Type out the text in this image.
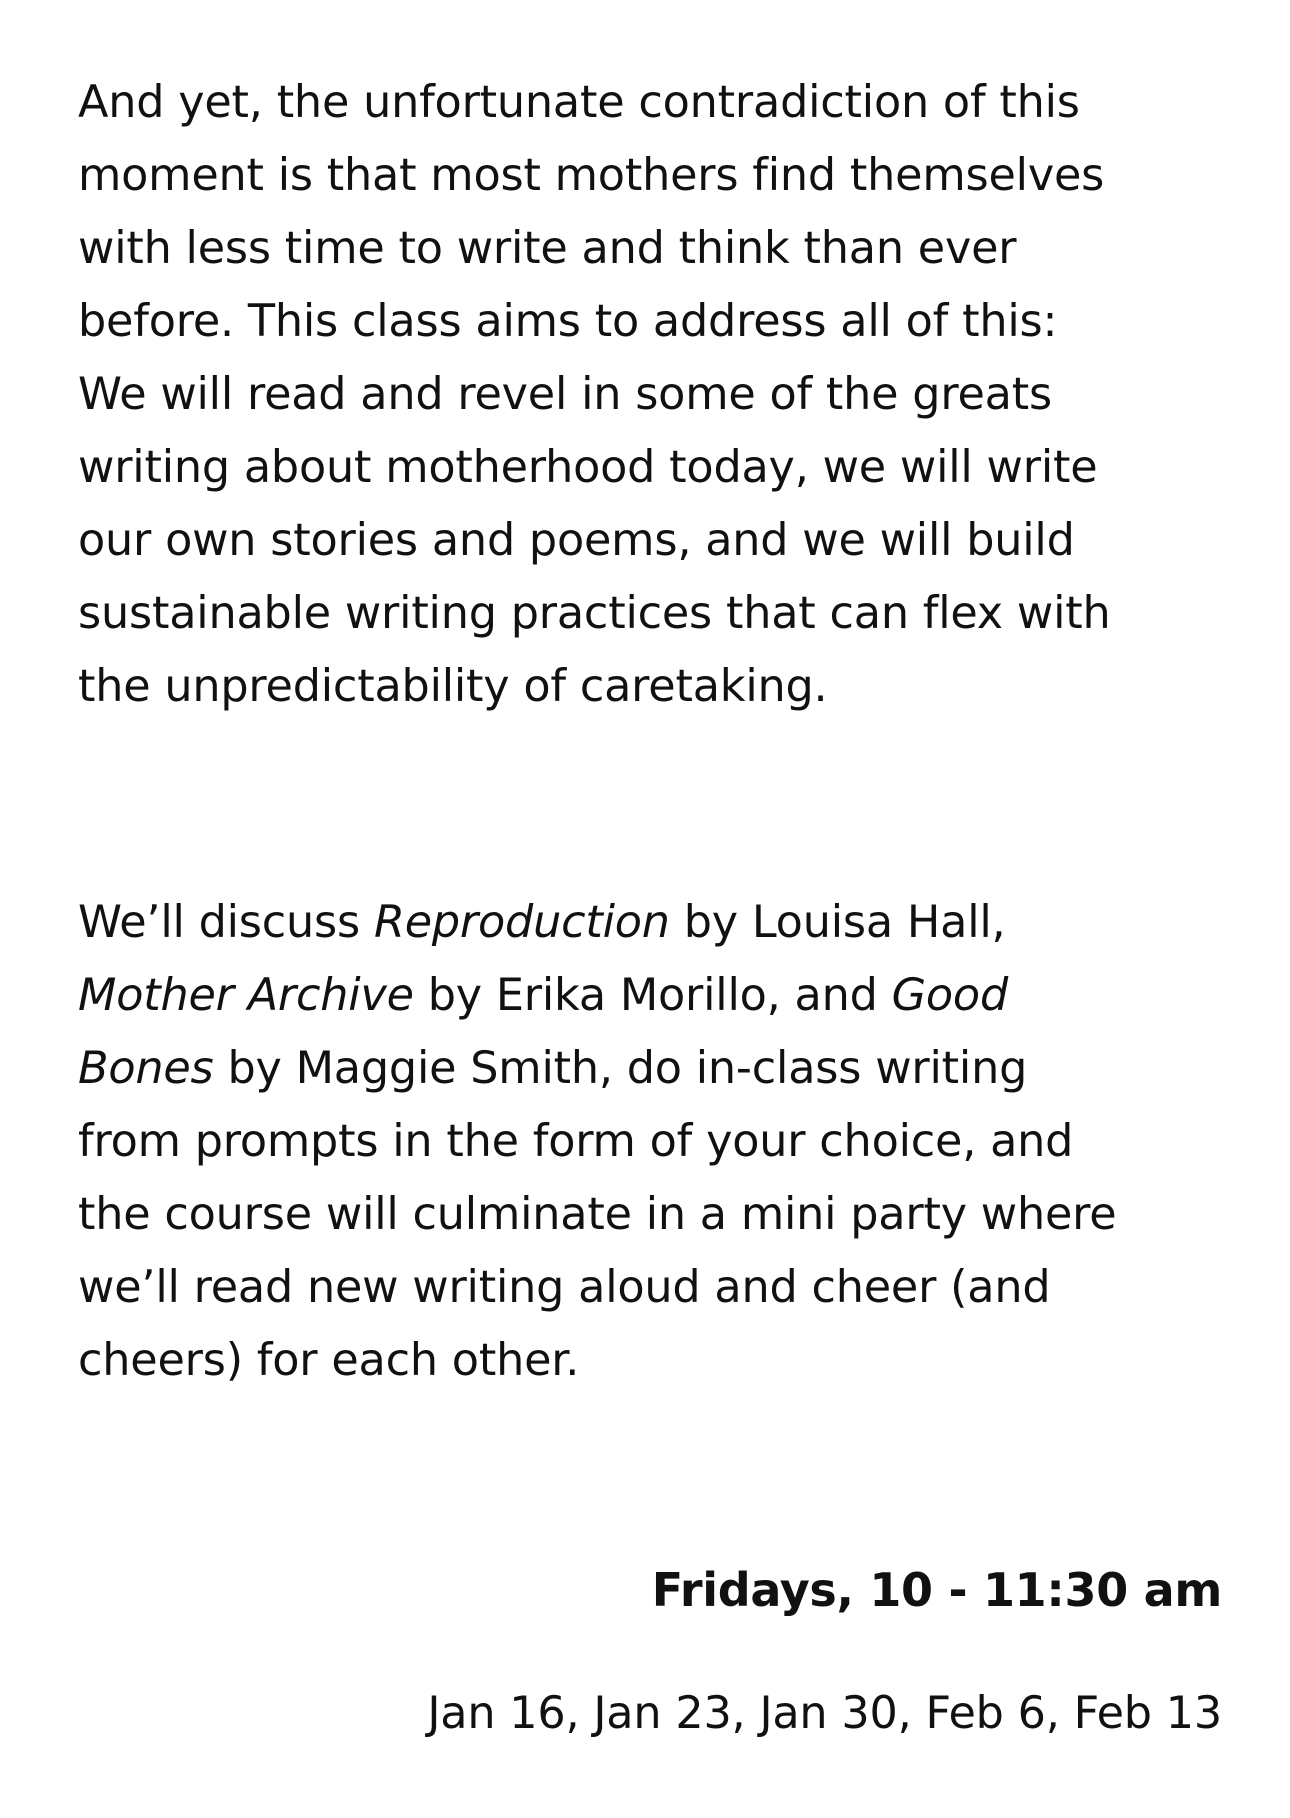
And yet, the unfortunate contradiction of this
moment is that most mothers find themselves
with less time to write and think than ever
before. This class aims to address all of this:
We will read and revel in some of the greats
writing about motherhood today, we will write
our own stories and poems, and we will build
sustainable writing practices that can flex with
the unpredictability of caretaking.

We’ll discuss Reproduction by Louisa Hall,
Mother Archive by Erika Morillo, and Good
Bones by Maggie Smith, do in-class writing
from prompts in the form of your choice, and
the course will culminate in a mini party where
we’ll read new writing aloud and cheer (and
cheers) for each other.

Fridays, 10 - 11:30 am
Jan 16, Jan 23, Jan 30, Feb 6, Feb 13
